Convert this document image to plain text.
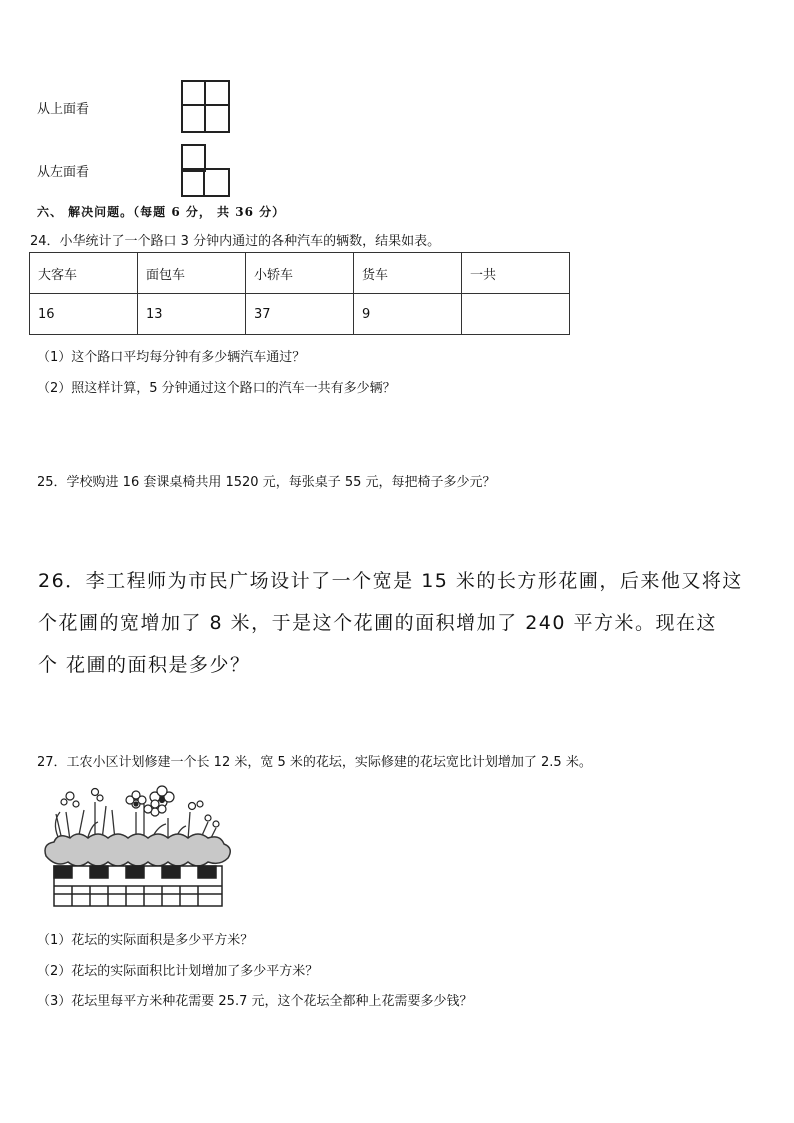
从上面看
从左面看
六、 解决问题。（每题 6 分， 共 36 分）
24．小华统计了一个路口 3 分钟内通过的各种汽车的辆数，结果如表。
大客车	面包车	小轿车	货车	一共
16	13	37	9	
（1）这个路口平均每分钟有多少辆汽车通过？
（2）照这样计算，5 分钟通过这个路口的汽车一共有多少辆？
25．学校购进 16 套课桌椅共用 1520 元，每张桌子 55 元，每把椅子多少元？
26．李工程师为市民广场设计了一个宽是 15 米的长方形花圃，后来他又将这
个花圃的宽增加了 8 米，于是这个花圃的面积增加了 240 平方米。现在这
个 花圃的面积是多少？
27．工农小区计划修建一个长 12 米，宽 5 米的花坛，实际修建的花坛宽比计划增加了 2.5 米。
（1）花坛的实际面积是多少平方米？
（2）花坛的实际面积比计划增加了多少平方米？
（3）花坛里每平方米种花需要 25.7 元，这个花坛全都种上花需要多少钱？
